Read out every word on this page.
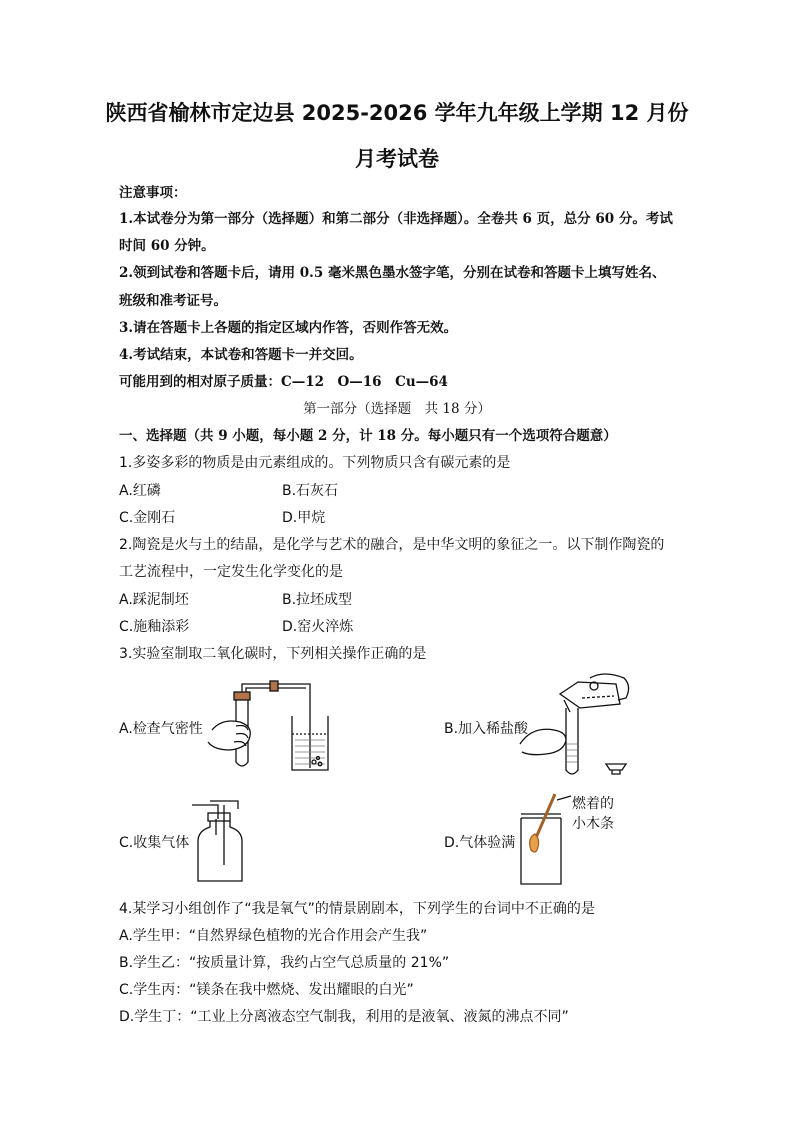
陕西省榆林市定边县 2025-2026 学年九年级上学期 12 月份
月考试卷
注意事项：
1.本试卷分为第一部分（选择题）和第二部分（非选择题）。全卷共 6 页，总分 60 分。考试
时间 60 分钟。
2.领到试卷和答题卡后，请用 0.5 毫米黑色墨水签字笔，分别在试卷和答题卡上填写姓名、
班级和准考证号。
3.请在答题卡上各题的指定区域内作答，否则作答无效。
4.考试结束，本试卷和答题卡一并交回。
可能用到的相对原子质量：C—12　O—16　Cu—64
第一部分（选择题　共 18 分）
一、选择题（共 9 小题，每小题 2 分，计 18 分。每小题只有一个选项符合题意）
1.多姿多彩的物质是由元素组成的。下列物质只含有碳元素的是
A.红磷	B.石灰石
C.金刚石	D.甲烷
2.陶瓷是火与土的结晶，是化学与艺术的融合，是中华文明的象征之一。以下制作陶瓷的
工艺流程中，一定发生化学变化的是
A.踩泥制坯	B.拉坯成型
C.施釉添彩	D.窑火淬炼
3.实验室制取二氧化碳时，下列相关操作正确的是
A.检查气密性	B.加入稀盐酸
C.收集气体	D.气体验满
燃着的
小木条
4.某学习小组创作了“我是氧气”的情景剧剧本，下列学生的台词中不正确的是
A.学生甲：“自然界绿色植物的光合作用会产生我”
B.学生乙：“按质量计算，我约占空气总质量的 21%”
C.学生丙：“镁条在我中燃烧、发出耀眼的白光”
D.学生丁：“工业上分离液态空气制我，利用的是液氧、液氮的沸点不同”
